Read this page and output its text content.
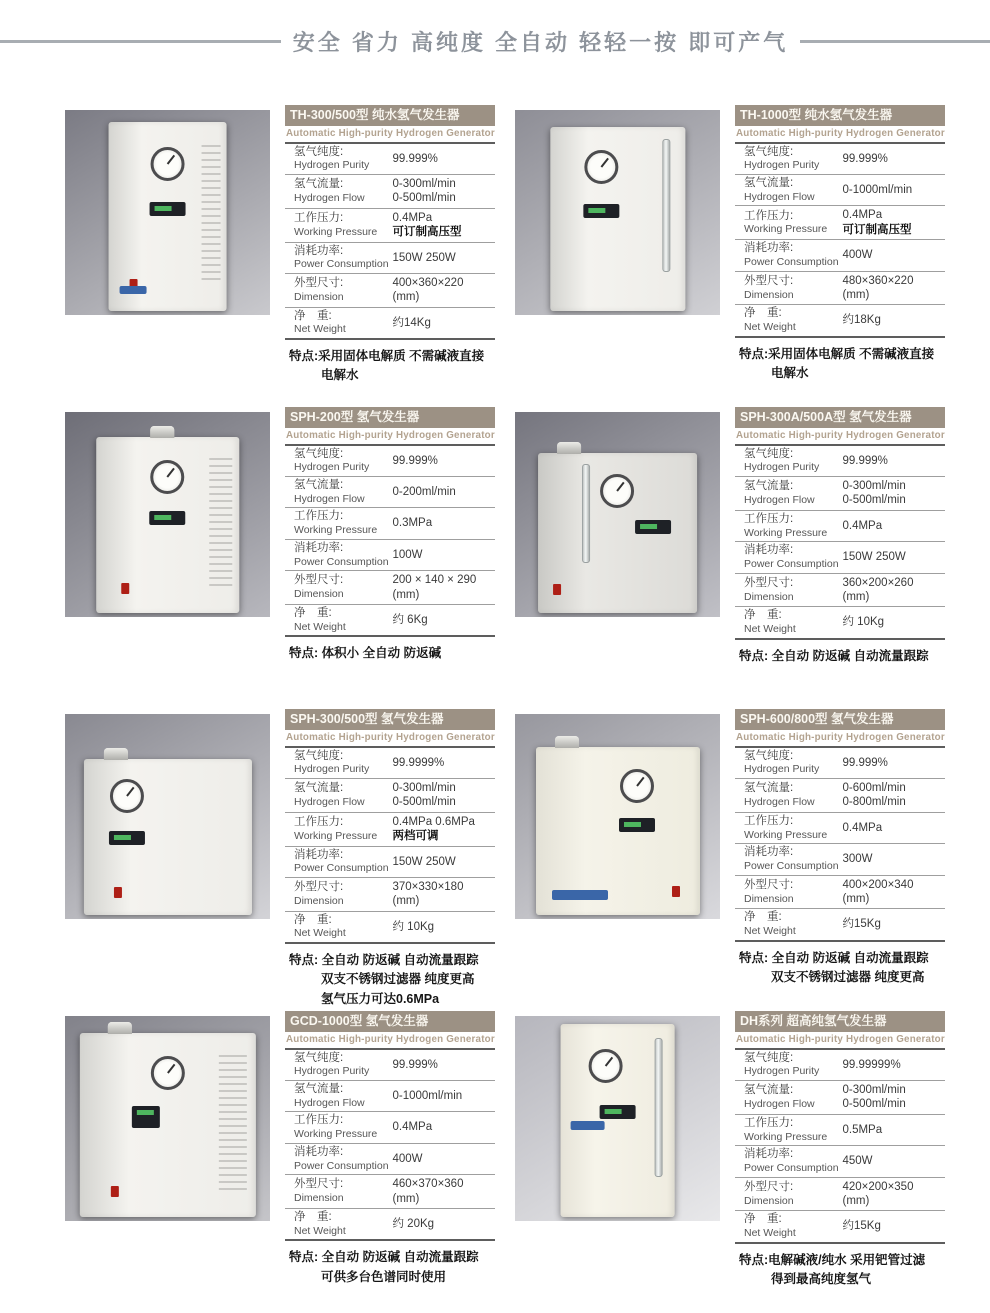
安全 省力 高纯度 全自动 轻轻一按 即可产气
TH-300/500型 纯水氢气发生器
Automatic High-purity Hydrogen Generator
氢气纯度:
Hydrogen Purity
99.999%
氢气流量:
Hydrogen Flow
0-300ml/min
0-500ml/min
工作压力:
Working Pressure
0.4MPa
可订制高压型
消耗功率:
Power Consumption
150W 250W
外型尺寸:
Dimension
400×360×220
(mm)
净　重:
Net Weight
约14Kg
特点:采用固体电解质 不需碱液直接
电解水
TH-1000型 纯水氢气发生器
Automatic High-purity Hydrogen Generator
氢气纯度:
Hydrogen Purity
99.999%
氢气流量:
Hydrogen Flow
0-1000ml/min
工作压力:
Working Pressure
0.4MPa
可订制高压型
消耗功率:
Power Consumption
400W
外型尺寸:
Dimension
480×360×220
(mm)
净　重:
Net Weight
约18Kg
特点:采用固体电解质 不需碱液直接
电解水
SPH-200型 氢气发生器
Automatic High-purity Hydrogen Generator
氢气纯度:
Hydrogen Purity
99.999%
氢气流量:
Hydrogen Flow
0-200ml/min
工作压力:
Working Pressure
0.3MPa
消耗功率:
Power Consumption
100W
外型尺寸:
Dimension
200 × 140 × 290
(mm)
净　重:
Net Weight
约 6Kg
特点: 体积小 全自动 防返碱
SPH-300A/500A型 氢气发生器
Automatic High-purity Hydrogen Generator
氢气纯度:
Hydrogen Purity
99.999%
氢气流量:
Hydrogen Flow
0-300ml/min
0-500ml/min
工作压力:
Working Pressure
0.4MPa
消耗功率:
Power Consumption
150W 250W
外型尺寸:
Dimension
360×200×260
(mm)
净　重:
Net Weight
约 10Kg
特点: 全自动 防返碱 自动流量跟踪
SPH-300/500型 氢气发生器
Automatic High-purity Hydrogen Generator
氢气纯度:
Hydrogen Purity
99.9999%
氢气流量:
Hydrogen Flow
0-300ml/min
0-500ml/min
工作压力:
Working Pressure
0.4MPa 0.6MPa
两档可调
消耗功率:
Power Consumption
150W 250W
外型尺寸:
Dimension
370×330×180
(mm)
净　重:
Net Weight
约 10Kg
特点: 全自动 防返碱 自动流量跟踪
双支不锈钢过滤器 纯度更高
氢气压力可达0.6MPa
SPH-600/800型 氢气发生器
Automatic High-purity Hydrogen Generator
氢气纯度:
Hydrogen Purity
99.999%
氢气流量:
Hydrogen Flow
0-600ml/min
0-800ml/min
工作压力:
Working Pressure
0.4MPa
消耗功率:
Power Consumption
300W
外型尺寸:
Dimension
400×200×340
(mm)
净　重:
Net Weight
约15Kg
特点: 全自动 防返碱 自动流量跟踪
双支不锈钢过滤器 纯度更高
GCD-1000型 氢气发生器
Automatic High-purity Hydrogen Generator
氢气纯度:
Hydrogen Purity
99.999%
氢气流量:
Hydrogen Flow
0-1000ml/min
工作压力:
Working Pressure
0.4MPa
消耗功率:
Power Consumption
400W
外型尺寸:
Dimension
460×370×360
(mm)
净　重:
Net Weight
约 20Kg
特点: 全自动 防返碱 自动流量跟踪
可供多台色谱同时使用
DH系列 超高纯氢气发生器
Automatic High-purity Hydrogen Generator
氢气纯度:
Hydrogen Purity
99.99999%
氢气流量:
Hydrogen Flow
0-300ml/min
0-500ml/min
工作压力:
Working Pressure
0.5MPa
消耗功率:
Power Consumption
450W
外型尺寸:
Dimension
420×200×350
(mm)
净　重:
Net Weight
约15Kg
特点:电解碱液/纯水 采用钯管过滤
得到最高纯度氢气
